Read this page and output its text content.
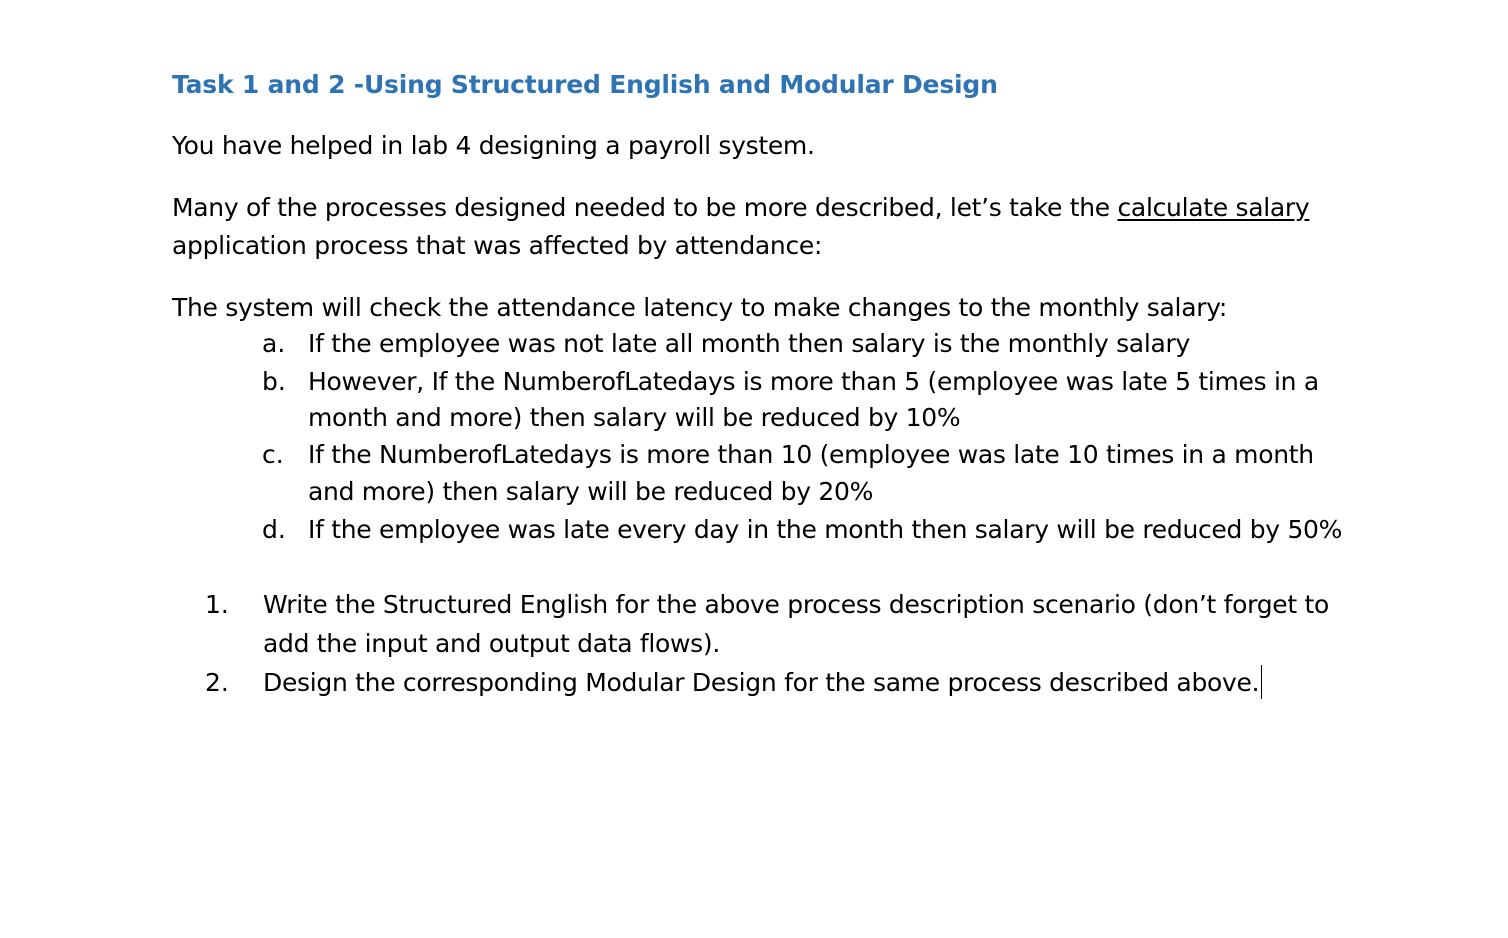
Task 1 and 2 -Using Structured English and Modular Design
You have helped in lab 4 designing a payroll system.
Many of the processes designed needed to be more described, let’s take the calculate salary
application process that was affected by attendance:
The system will check the attendance latency to make changes to the monthly salary:
a. If the employee was not late all month then salary is the monthly salary
b. However, If the NumberofLatedays is more than 5 (employee was late 5 times in a
month and more) then salary will be reduced by 10%
c. If the NumberofLatedays is more than 10 (employee was late 10 times in a month
and more) then salary will be reduced by 20%
d. If the employee was late every day in the month then salary will be reduced by 50%
1. Write the Structured English for the above process description scenario (don’t forget to
add the input and output data flows).
2. Design the corresponding Modular Design for the same process described above.
